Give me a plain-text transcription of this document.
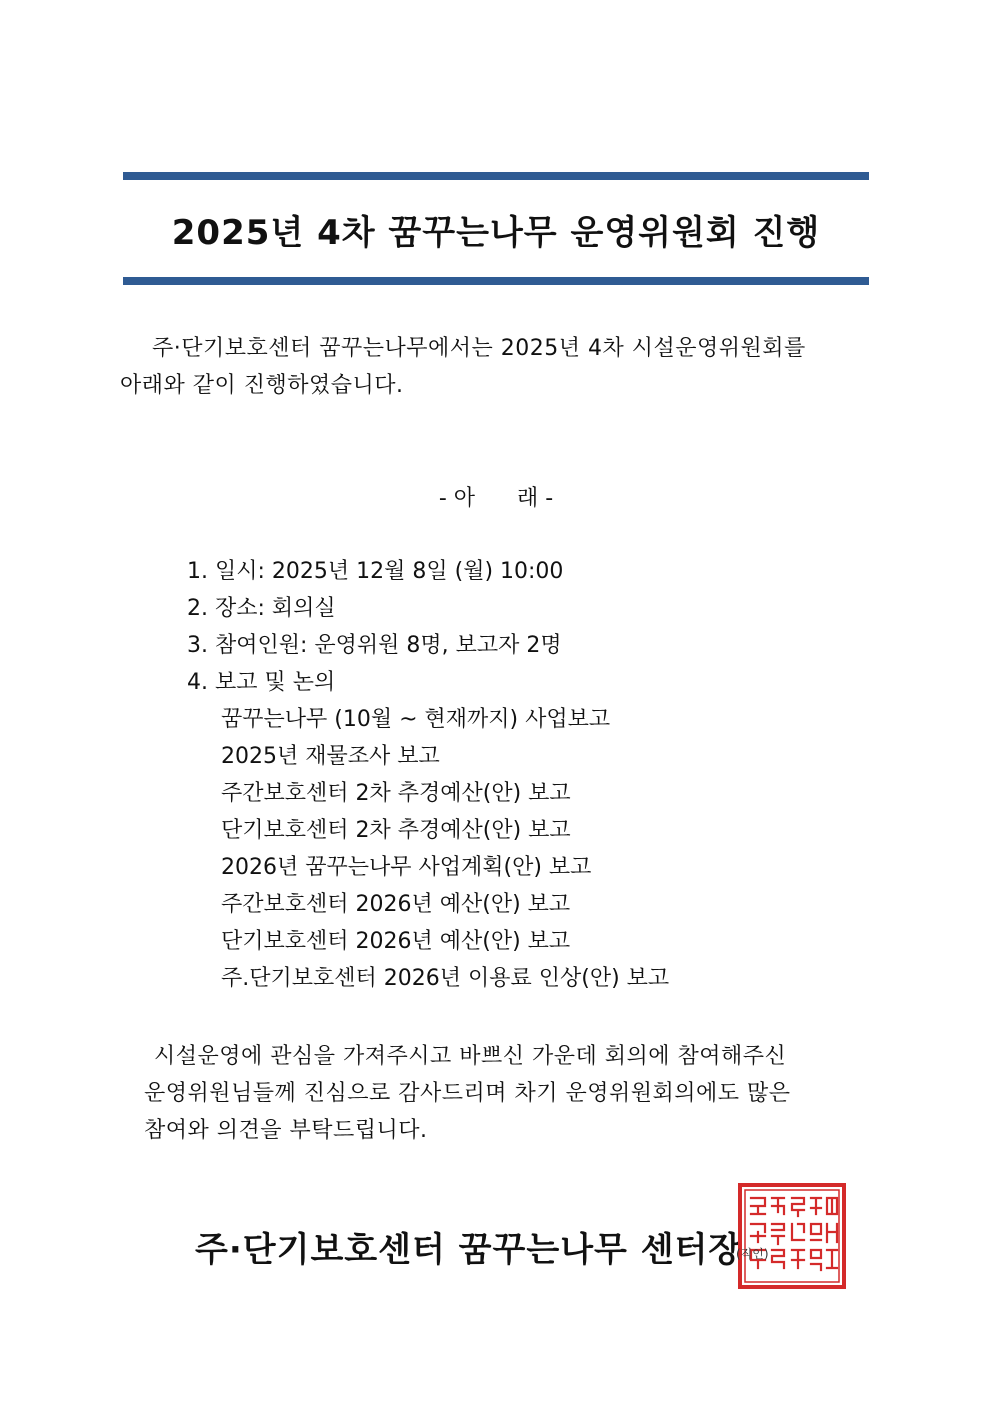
2025년 4차 꿈꾸는나무 운영위원회 진행
주·단기보호센터 꿈꾸는나무에서는 2025년 4차 시설운영위원회를
아래와 같이 진행하였습니다.
- 아      래 -
1. 일시: 2025년 12월 8일 (월) 10:00
2. 장소: 회의실
3. 참여인원: 운영위원 8명, 보고자 2명
4. 보고 및 논의
꿈꾸는나무 (10월 ~ 현재까지) 사업보고
2025년 재물조사 보고
주간보호센터 2차 추경예산(안) 보고
단기보호센터 2차 추경예산(안) 보고
2026년 꿈꾸는나무 사업계획(안) 보고
주간보호센터 2026년 예산(안) 보고
단기보호센터 2026년 예산(안) 보고
주.단기보호센터 2026년 이용료 인상(안) 보고
시설운영에 관심을 가져주시고 바쁘신 가운데 회의에 참여해주신
운영위원님들께 진심으로 감사드리며 차기 운영위원회의에도 많은
참여와 의견을 부탁드립니다.
주·단기보호센터 꿈꾸는나무 센터장
(직인)
